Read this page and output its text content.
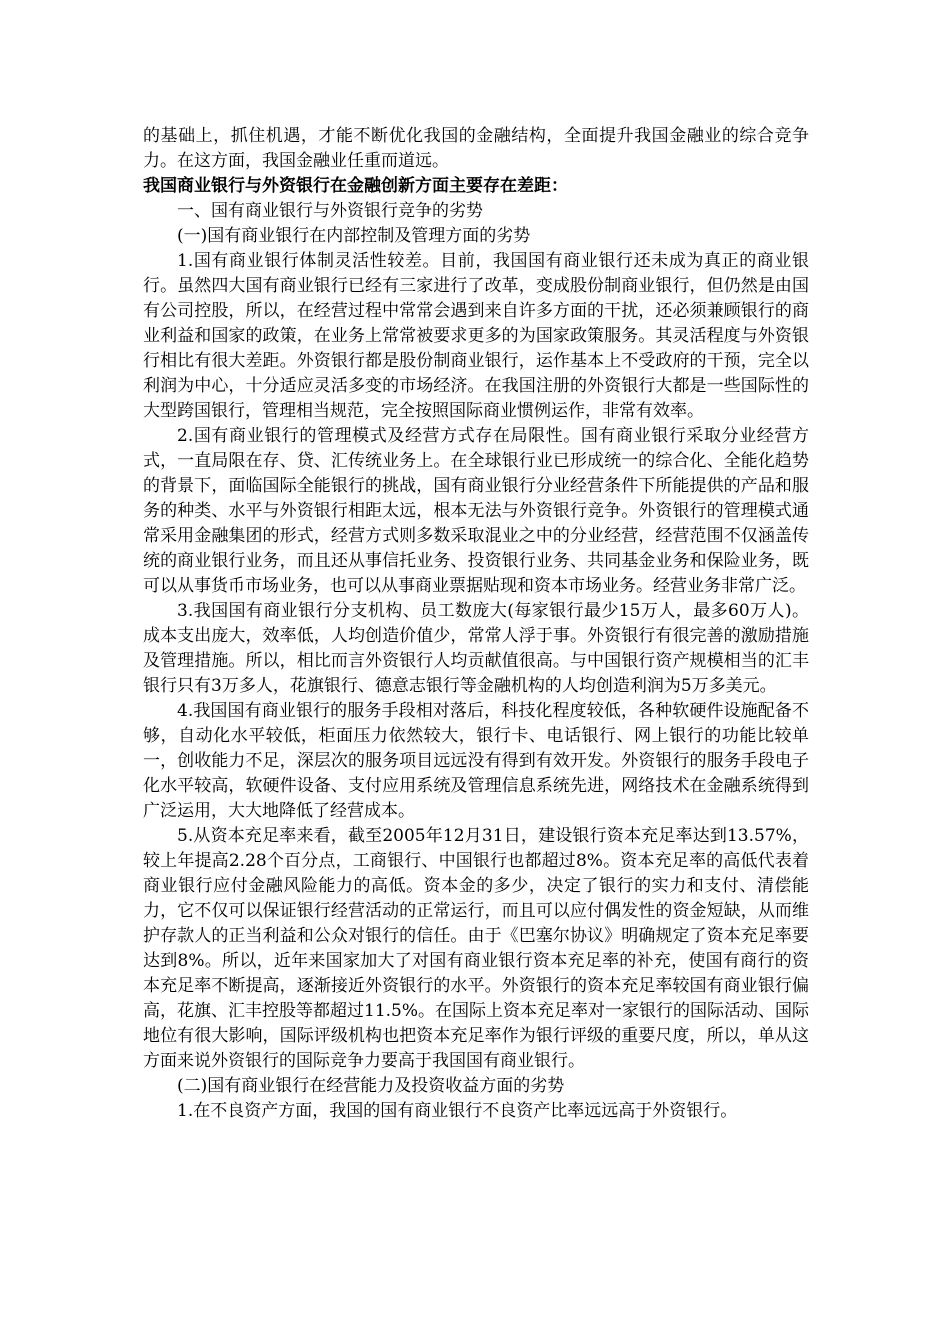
的基础上，抓住机遇，才能不断优化我国的金融结构，全面提升我国金融业的综合竞争力。在这方面，我国金融业任重而道远。

我国商业银行与外资银行在金融创新方面主要存在差距：

一、国有商业银行与外资银行竞争的劣势

(一)国有商业银行在内部控制及管理方面的劣势

1.国有商业银行体制灵活性较差。目前，我国国有商业银行还未成为真正的商业银行。虽然四大国有商业银行已经有三家进行了改革，变成股份制商业银行，但仍然是由国有公司控股，所以，在经营过程中常常会遇到来自许多方面的干扰，还必须兼顾银行的商业利益和国家的政策，在业务上常常被要求更多的为国家政策服务。其灵活程度与外资银行相比有很大差距。外资银行都是股份制商业银行，运作基本上不受政府的干预，完全以利润为中心，十分适应灵活多变的市场经济。在我国注册的外资银行大都是一些国际性的大型跨国银行，管理相当规范，完全按照国际商业惯例运作，非常有效率。

2.国有商业银行的管理模式及经营方式存在局限性。国有商业银行采取分业经营方式，一直局限在存、贷、汇传统业务上。在全球银行业已形成统一的综合化、全能化趋势的背景下，面临国际全能银行的挑战，国有商业银行分业经营条件下所能提供的产品和服务的种类、水平与外资银行相距太远，根本无法与外资银行竞争。外资银行的管理模式通常采用金融集团的形式，经营方式则多数采取混业之中的分业经营，经营范围不仅涵盖传统的商业银行业务，而且还从事信托业务、投资银行业务、共同基金业务和保险业务，既可以从事货币市场业务，也可以从事商业票据贴现和资本市场业务。经营业务非常广泛。

3.我国国有商业银行分支机构、员工数庞大(每家银行最少15万人，最多60万人)。成本支出庞大，效率低，人均创造价值少，常常人浮于事。外资银行有很完善的激励措施及管理措施。所以，相比而言外资银行人均贡献值很高。与中国银行资产规模相当的汇丰银行只有3万多人，花旗银行、德意志银行等金融机构的人均创造利润为5万多美元。

4.我国国有商业银行的服务手段相对落后，科技化程度较低，各种软硬件设施配备不够，自动化水平较低，柜面压力依然较大，银行卡、电话银行、网上银行的功能比较单一，创收能力不足，深层次的服务项目远远没有得到有效开发。外资银行的服务手段电子化水平较高，软硬件设备、支付应用系统及管理信息系统先进，网络技术在金融系统得到广泛运用，大大地降低了经营成本。

5.从资本充足率来看，截至2005年12月31日，建设银行资本充足率达到13.57%，较上年提高2.28个百分点，工商银行、中国银行也都超过8%。资本充足率的高低代表着商业银行应付金融风险能力的高低。资本金的多少，决定了银行的实力和支付、清偿能力，它不仅可以保证银行经营活动的正常运行，而且可以应付偶发性的资金短缺，从而维护存款人的正当利益和公众对银行的信任。由于《巴塞尔协议》明确规定了资本充足率要达到8%。所以，近年来国家加大了对国有商业银行资本充足率的补充，使国有商行的资本充足率不断提高，逐渐接近外资银行的水平。外资银行的资本充足率较国有商业银行偏高，花旗、汇丰控股等都超过11.5%。在国际上资本充足率对一家银行的国际活动、国际地位有很大影响，国际评级机构也把资本充足率作为银行评级的重要尺度，所以，单从这方面来说外资银行的国际竞争力要高于我国国有商业银行。

(二)国有商业银行在经营能力及投资收益方面的劣势

1.在不良资产方面，我国的国有商业银行不良资产比率远远高于外资银行。
